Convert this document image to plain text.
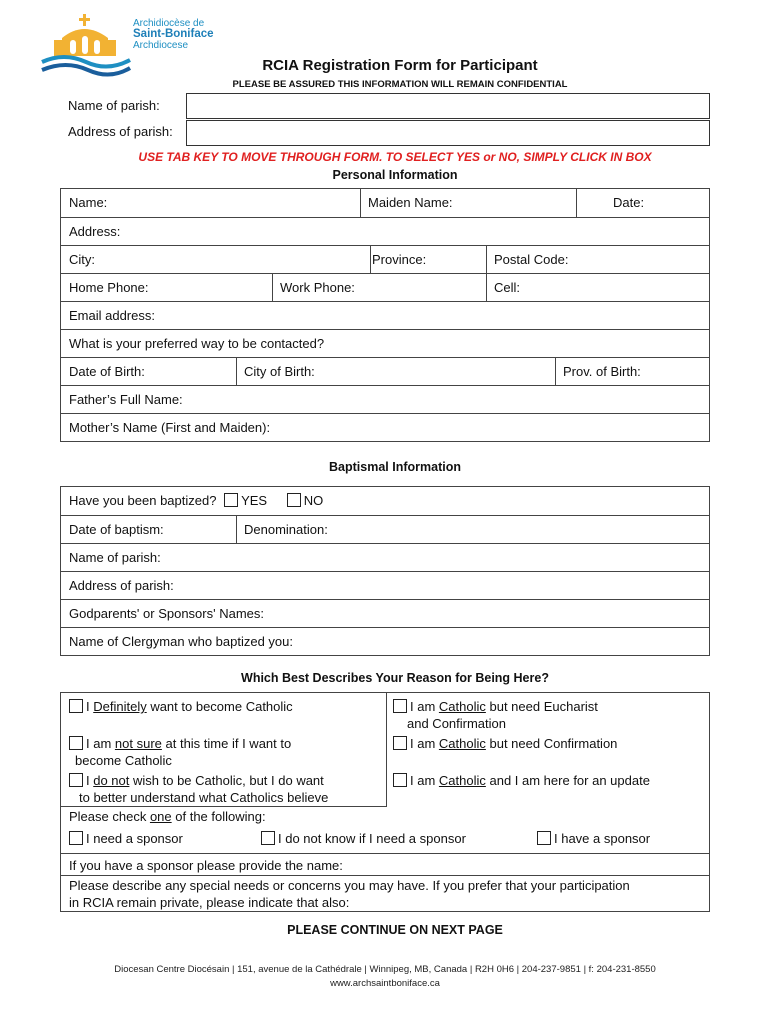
Archidiocèse de
Saint-Boniface
Archdiocese
RCIA Registration Form for Participant
PLEASE BE ASSURED THIS INFORMATION WILL REMAIN CONFIDENTIAL
Name of parish:
Address of parish:
USE TAB KEY TO MOVE THROUGH FORM. TO SELECT YES or NO, SIMPLY CLICK IN BOX
Personal Information
Name:	Maiden Name:	Date:
Address:
City:	Province:	Postal Code:
Home Phone:	Work Phone:	Cell:
Email address:
What is your preferred way to be contacted?
Date of Birth:	City of Birth:	Prov. of Birth:
Father’s Full Name:
Mother’s Name (First and Maiden):
Baptismal Information
Have you been baptized? YES	NO
Date of baptism:	Denomination:
Name of parish:
Address of parish:
Godparents' or Sponsors' Names:
Name of Clergyman who baptized you:
Which Best Describes Your Reason for Being Here?
I Definitely want to become Catholic
I am not sure at this time if I want to
become Catholic
I do not wish to be Catholic, but I do want
to better understand what Catholics believe
I am Catholic but need Eucharist
and Confirmation
I am Catholic but need Confirmation
I am Catholic and I am here for an update
Please check one of the following:
I need a sponsor	I do not know if I need a sponsor	I have a sponsor
If you have a sponsor please provide the name:
Please describe any special needs or concerns you may have. If you prefer that your participation
in RCIA remain private, please indicate that also:
PLEASE CONTINUE ON NEXT PAGE
Diocesan Centre Diocésain | 151, avenue de la Cathédrale | Winnipeg, MB, Canada | R2H 0H6 | 204-237-9851 | f: 204-231-8550
www.archsaintboniface.ca
